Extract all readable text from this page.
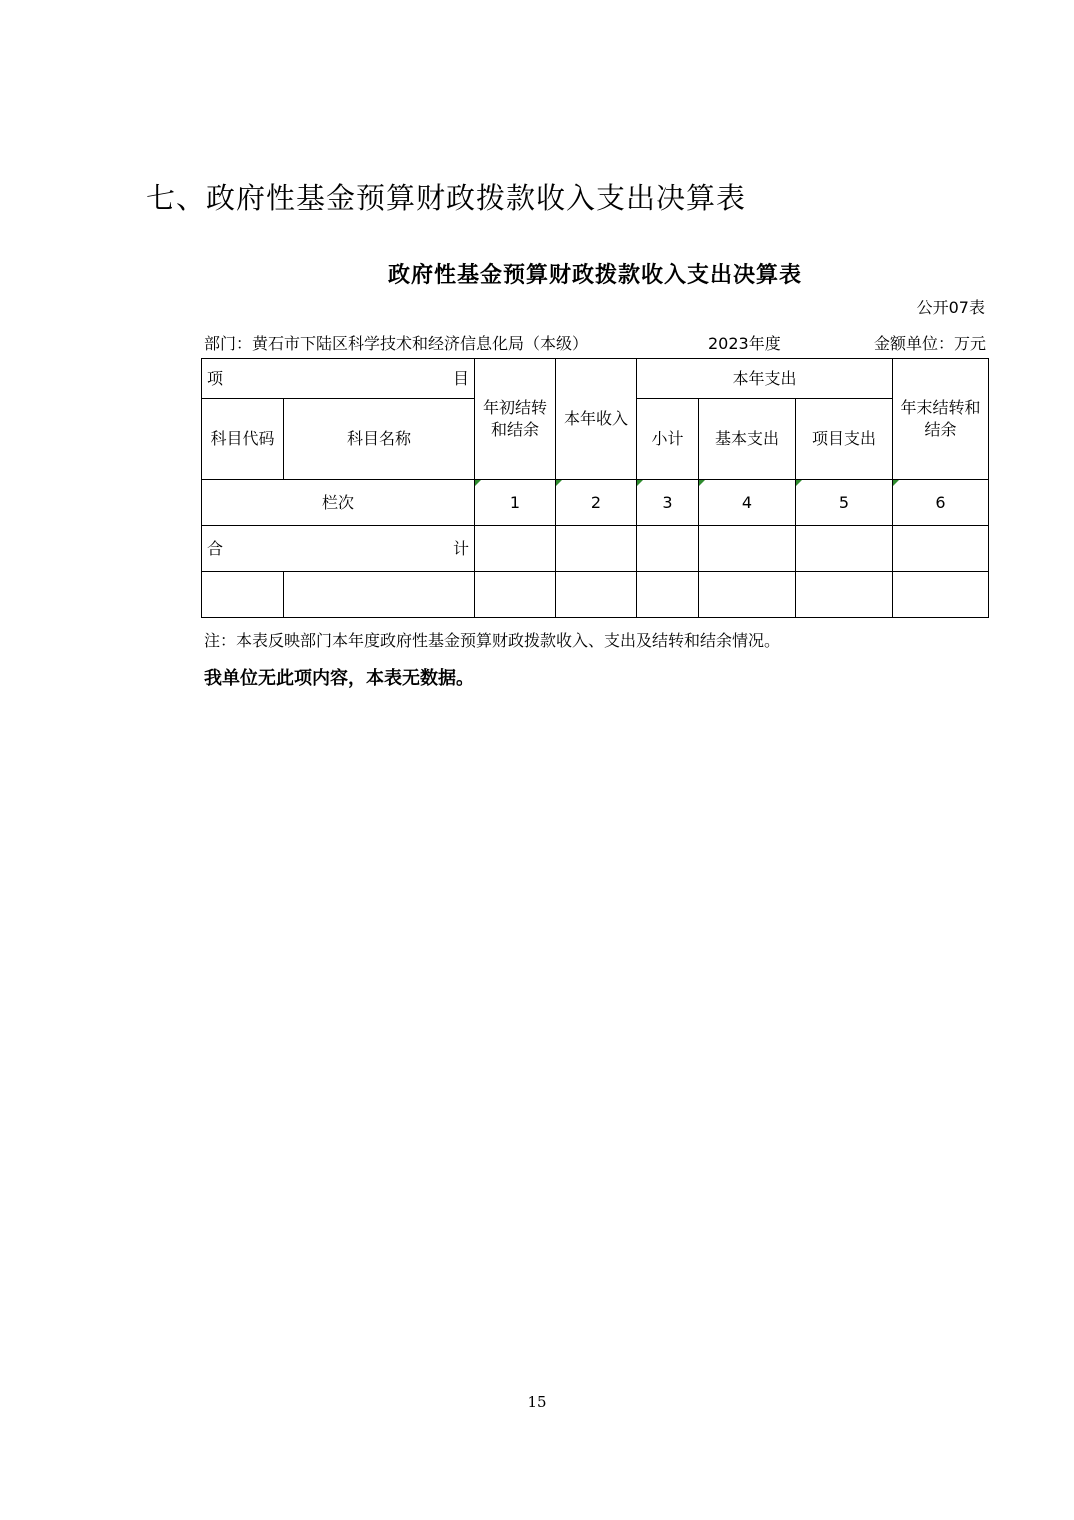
七、政府性基金预算财政拨款收入支出决算表
政府性基金预算财政拨款收入支出决算表
公开07表
部门：黄石市下陆区科学技术和经济信息化局（本级）	2023年度	金额单位：万元
项 目		年初结转和结余	本年收入	本年支出			年末结转和结余
科目代码	科目名称			小计	基本支出	项目支出	
栏次		1	2	3	4	5	6

合 计							

注：本表反映部门本年度政府性基金预算财政拨款收入、支出及结转和结余情况。
我单位无此项内容，本表无数据。
15
